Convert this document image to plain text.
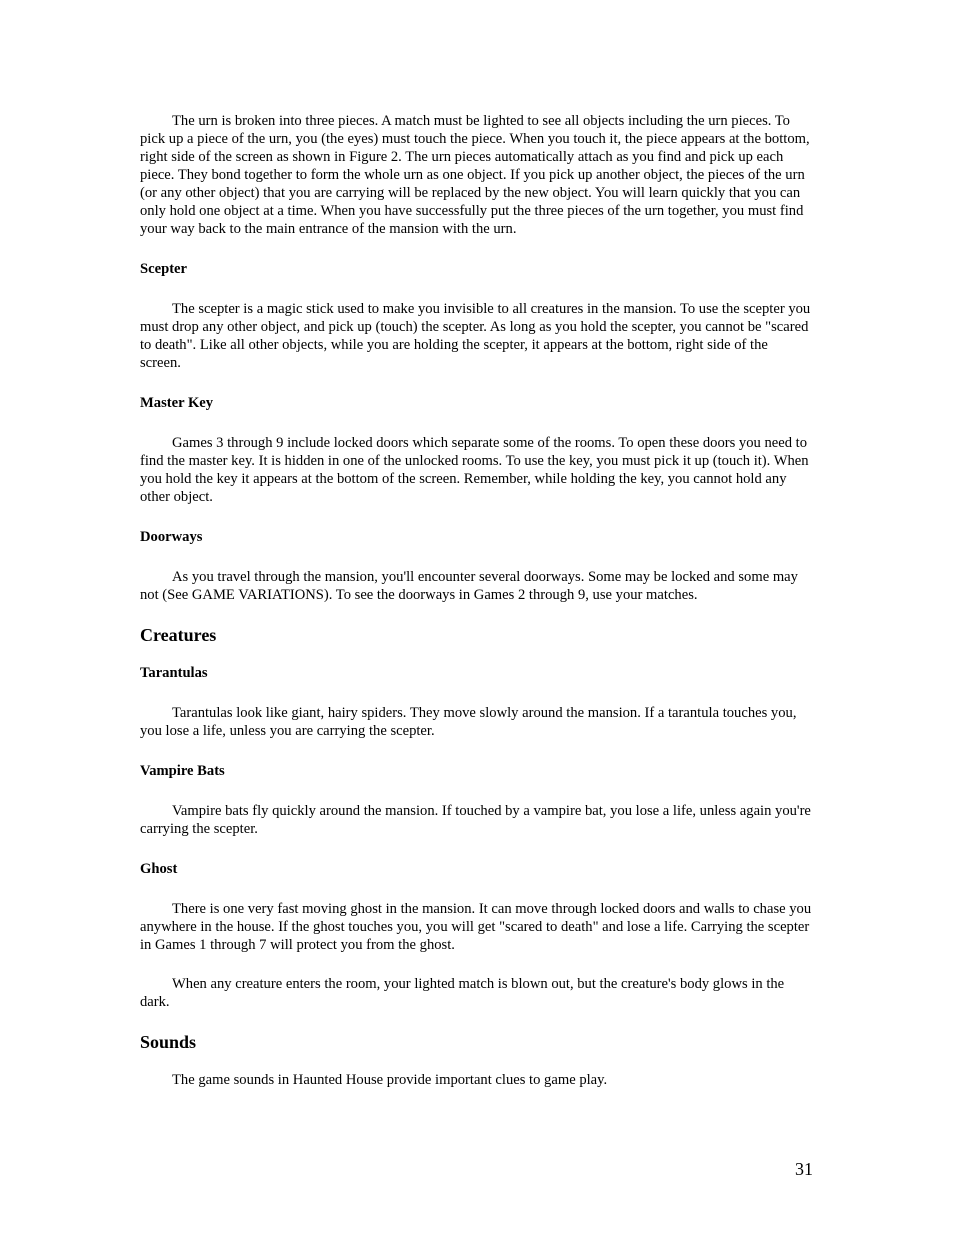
The urn is broken into three pieces. A match must be lighted to see all objects including the urn pieces. To pick up a piece of the urn, you (the eyes) must touch the piece. When you touch it, the piece appears at the bottom, right side of the screen as shown in Figure 2. The urn pieces automatically attach as you find and pick up each piece. They bond together to form the whole urn as one object. If you pick up another object, the pieces of the urn (or any other object) that you are carrying will be replaced by the new object. You will learn quickly that you can only hold one object at a time. When you have successfully put the three pieces of the urn together, you must find your way back to the main entrance of the mansion with the urn.

Scepter

The scepter is a magic stick used to make you invisible to all creatures in the mansion. To use the scepter you must drop any other object, and pick up (touch) the scepter. As long as you hold the scepter, you cannot be "scared to death". Like all other objects, while you are holding the scepter, it appears at the bottom, right side of the screen.

Master Key

Games 3 through 9 include locked doors which separate some of the rooms. To open these doors you need to find the master key. It is hidden in one of the unlocked rooms. To use the key, you must pick it up (touch it). When you hold the key it appears at the bottom of the screen. Remember, while holding the key, you cannot hold any other object.

Doorways

As you travel through the mansion, you'll encounter several doorways. Some may be locked and some may not (See GAME VARIATIONS). To see the doorways in Games 2 through 9, use your matches.

Creatures
Tarantulas

Tarantulas look like giant, hairy spiders. They move slowly around the mansion. If a tarantula touches you, you lose a life, unless you are carrying the scepter.

Vampire Bats

Vampire bats fly quickly around the mansion. If touched by a vampire bat, you lose a life, unless again you're carrying the scepter.

Ghost

There is one very fast moving ghost in the mansion. It can move through locked doors and walls to chase you anywhere in the house. If the ghost touches you, you will get "scared to death" and lose a life. Carrying the scepter in Games 1 through 7 will protect you from the ghost.

When any creature enters the room, your lighted match is blown out, but the creature's body glows in the dark.

Sounds

The game sounds in Haunted House provide important clues to game play.

31
